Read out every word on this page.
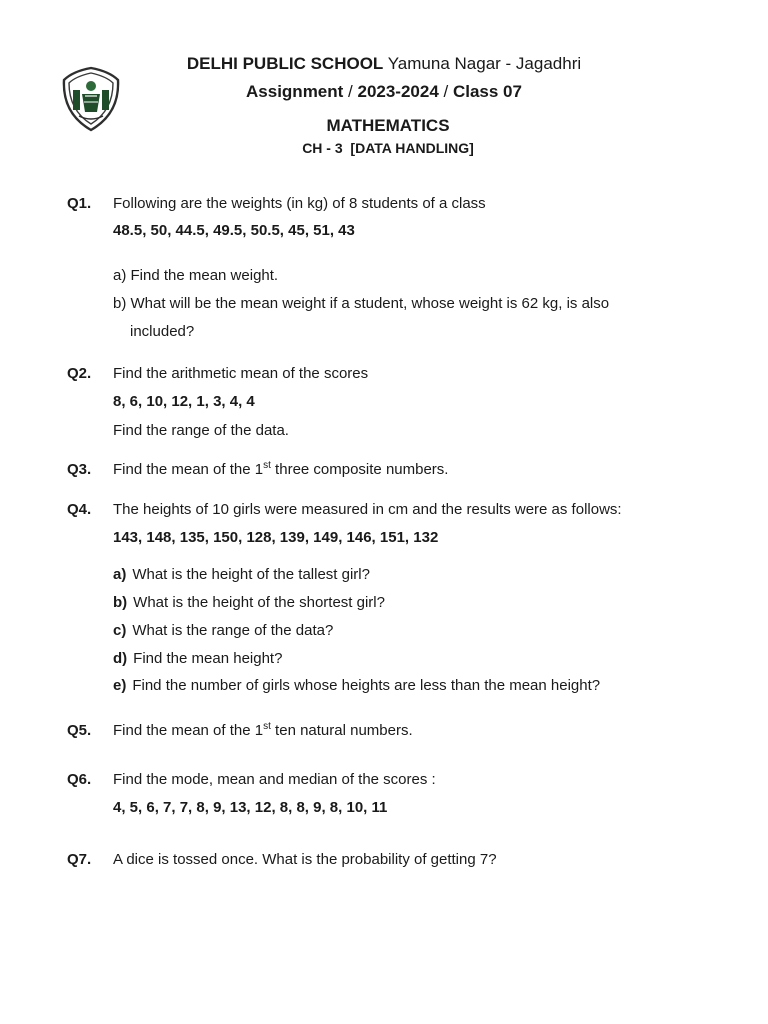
DELHI PUBLIC SCHOOL Yamuna Nagar - Jagadhri
Assignment / 2023-2024 / Class 07
MATHEMATICS
CH - 3  [DATA HANDLING]
Q1. Following are the weights (in kg) of 8 students of a class
48.5, 50, 44.5, 49.5, 50.5, 45, 51, 43
a) Find the mean weight.
b) What will be the mean weight if a student, whose weight is 62 kg, is also
included?
Q2. Find the arithmetic mean of the scores
8, 6, 10, 12, 1, 3, 4, 4
Find the range of the data.
Q3. Find the mean of the 1st three composite numbers.
Q4. The heights of 10 girls were measured in cm and the results were as follows:
143, 148, 135, 150, 128, 139, 149, 146, 151, 132
a) What is the height of the tallest girl?
b) What is the height of the shortest girl?
c) What is the range of the data?
d) Find the mean height?
e) Find the number of girls whose heights are less than the mean height?
Q5. Find the mean of the 1st ten natural numbers.
Q6. Find the mode, mean and median of the scores :
4, 5, 6, 7, 7, 8, 9, 13, 12, 8, 8, 9, 8, 10, 11
Q7. A dice is tossed once. What is the probability of getting 7?
